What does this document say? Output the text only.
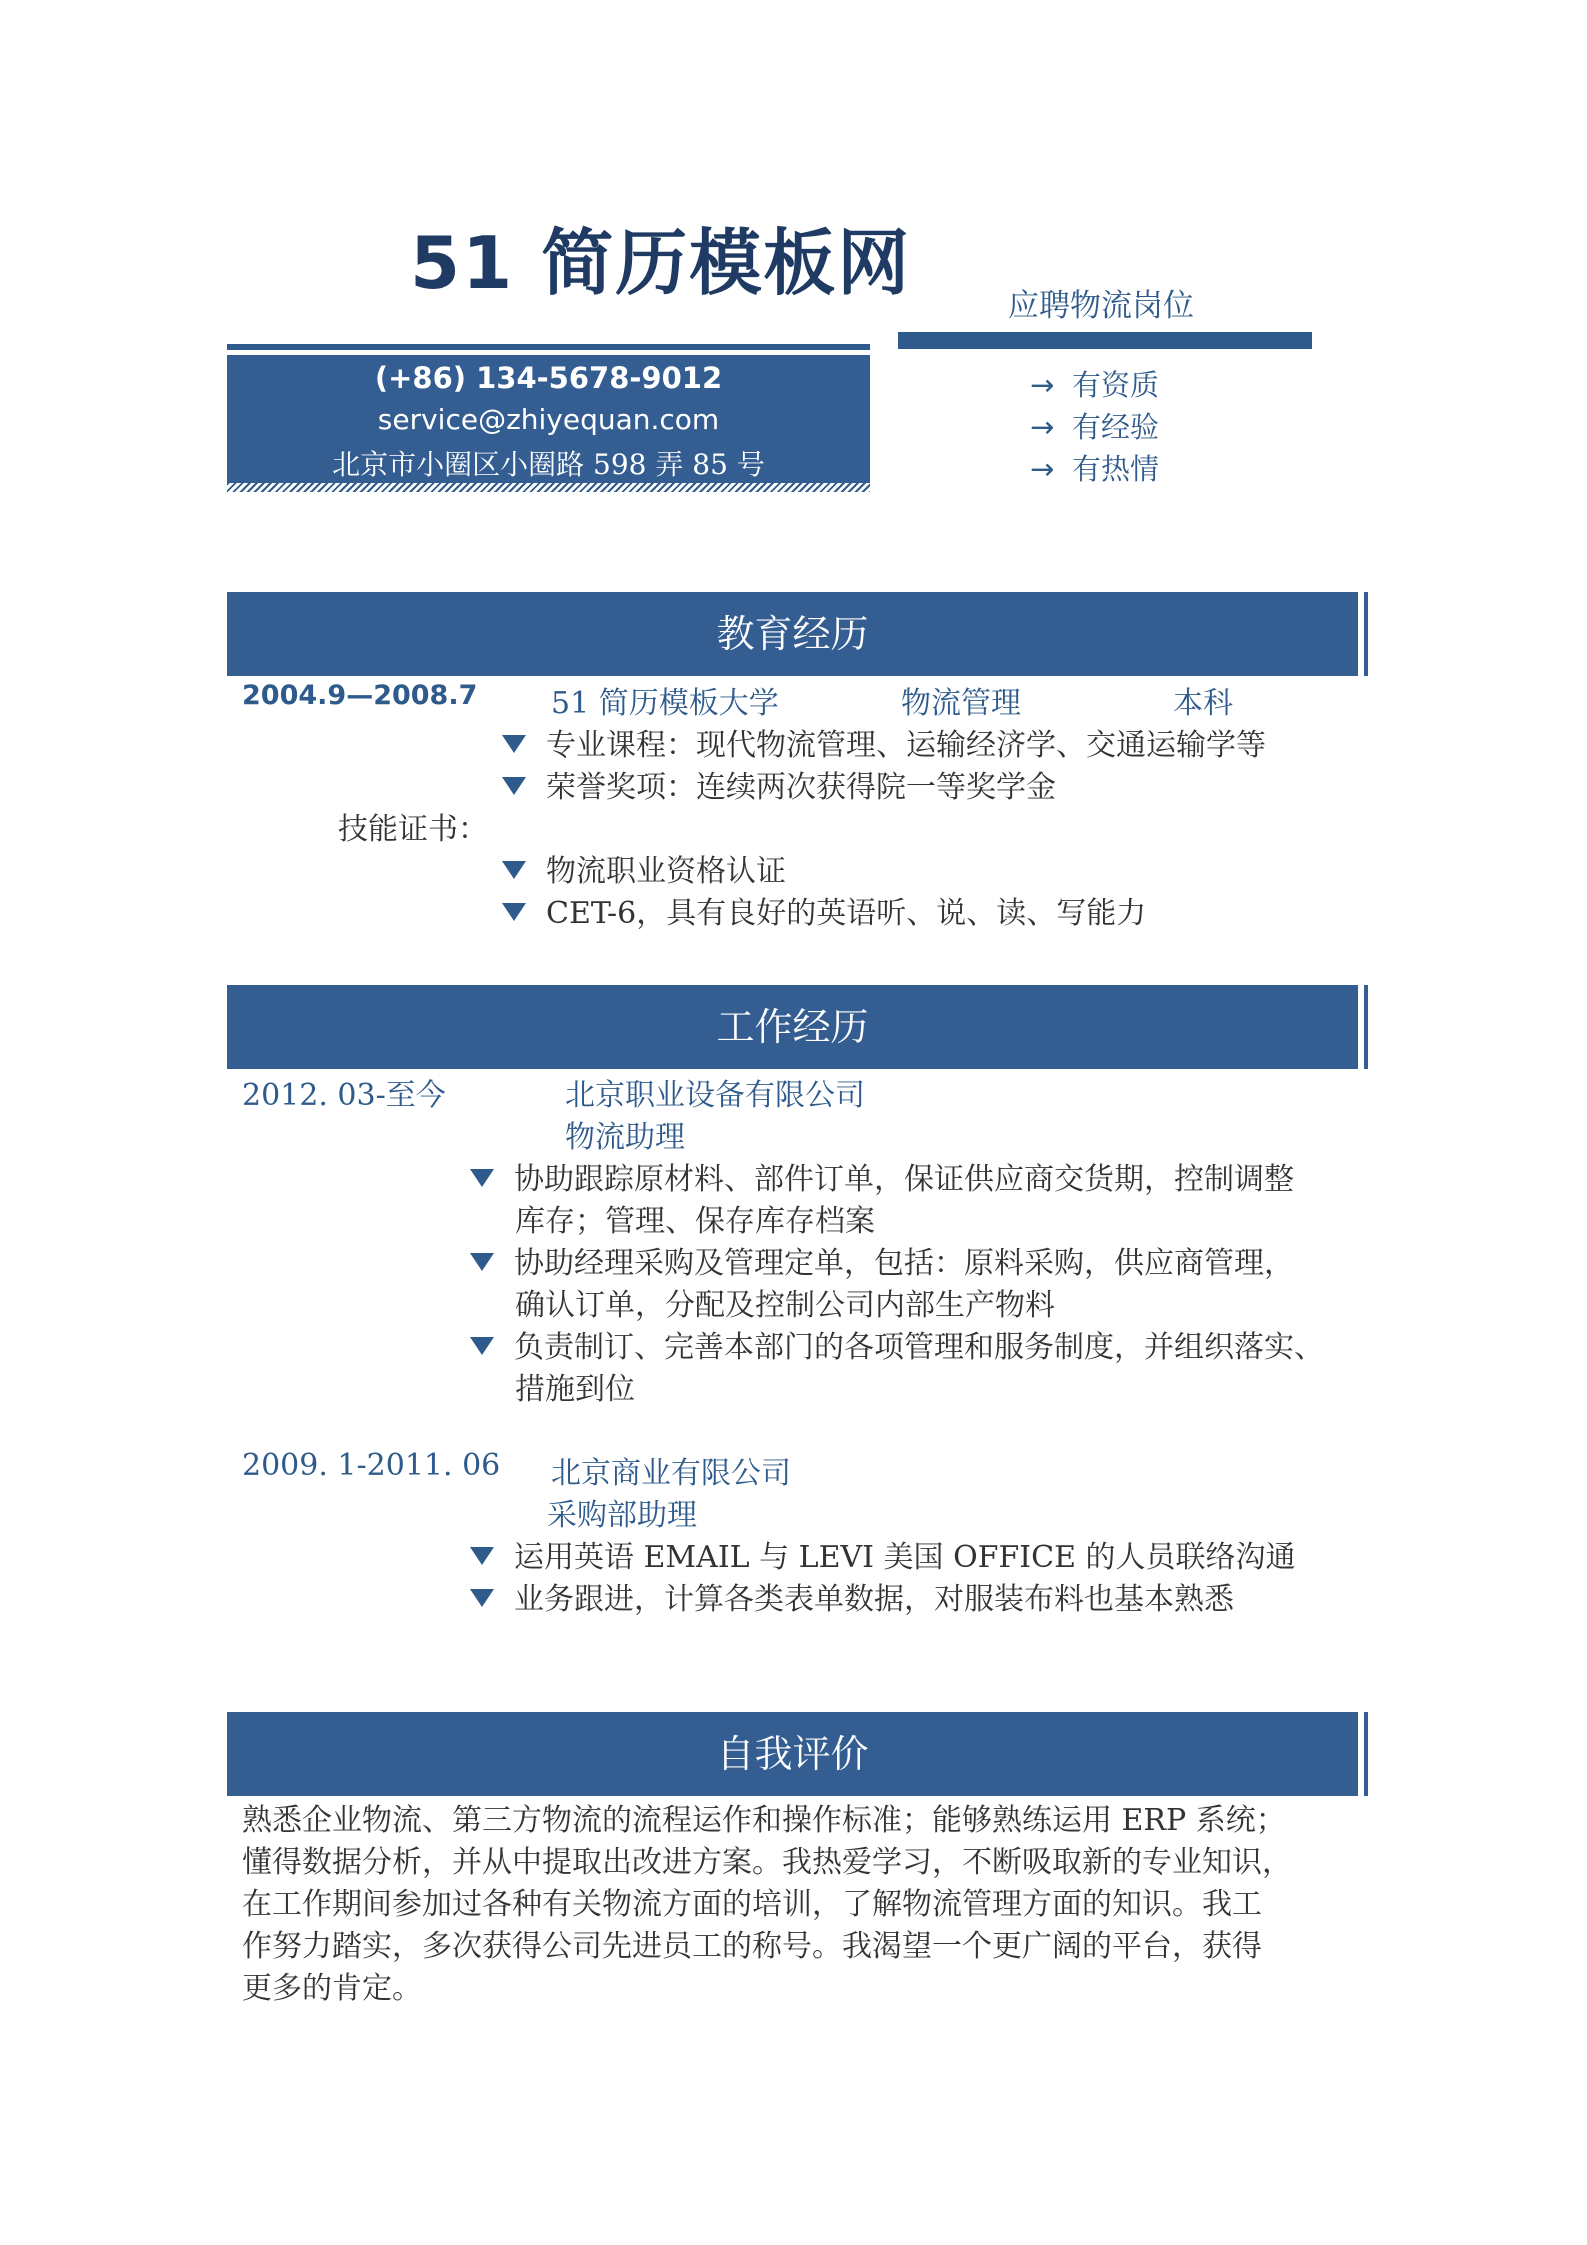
51 简历模板网
应聘物流岗位
(+86) 134-5678-9012
service@zhiyequan.com
北京市小圈区小圈路 598 弄 85 号
→ 有资质
→ 有经验
→ 有热情
教育经历
2004.9—2008.7 51 简历模板大学	物流管理	本科
专业课程：现代物流管理、运输经济学、交通运输学等
荣誉奖项：连续两次获得院一等奖学金
技能证书：
物流职业资格认证
CET-6，具有良好的英语听、说、读、写能力
工作经历
2012. 03-至今	北京职业设备有限公司
物流助理
协助跟踪原材料、部件订单，保证供应商交货期，控制调整
库存；管理、保存库存档案
协助经理采购及管理定单，包括：原料采购，供应商管理，
确认订单，分配及控制公司内部生产物料
负责制订、完善本部门的各项管理和服务制度，并组织落实、
措施到位
2009. 1-2011. 06 北京商业有限公司
采购部助理
运用英语 EMAIL 与 LEVI 美国 OFFICE 的人员联络沟通
业务跟进，计算各类表单数据，对服装布料也基本熟悉
自我评价
熟悉企业物流、第三方物流的流程运作和操作标准；能够熟练运用 ERP 系统；
懂得数据分析，并从中提取出改进方案。我热爱学习，不断吸取新的专业知识，
在工作期间参加过各种有关物流方面的培训，了解物流管理方面的知识。我工
作努力踏实，多次获得公司先进员工的称号。我渴望一个更广阔的平台，获得
更多的肯定。
